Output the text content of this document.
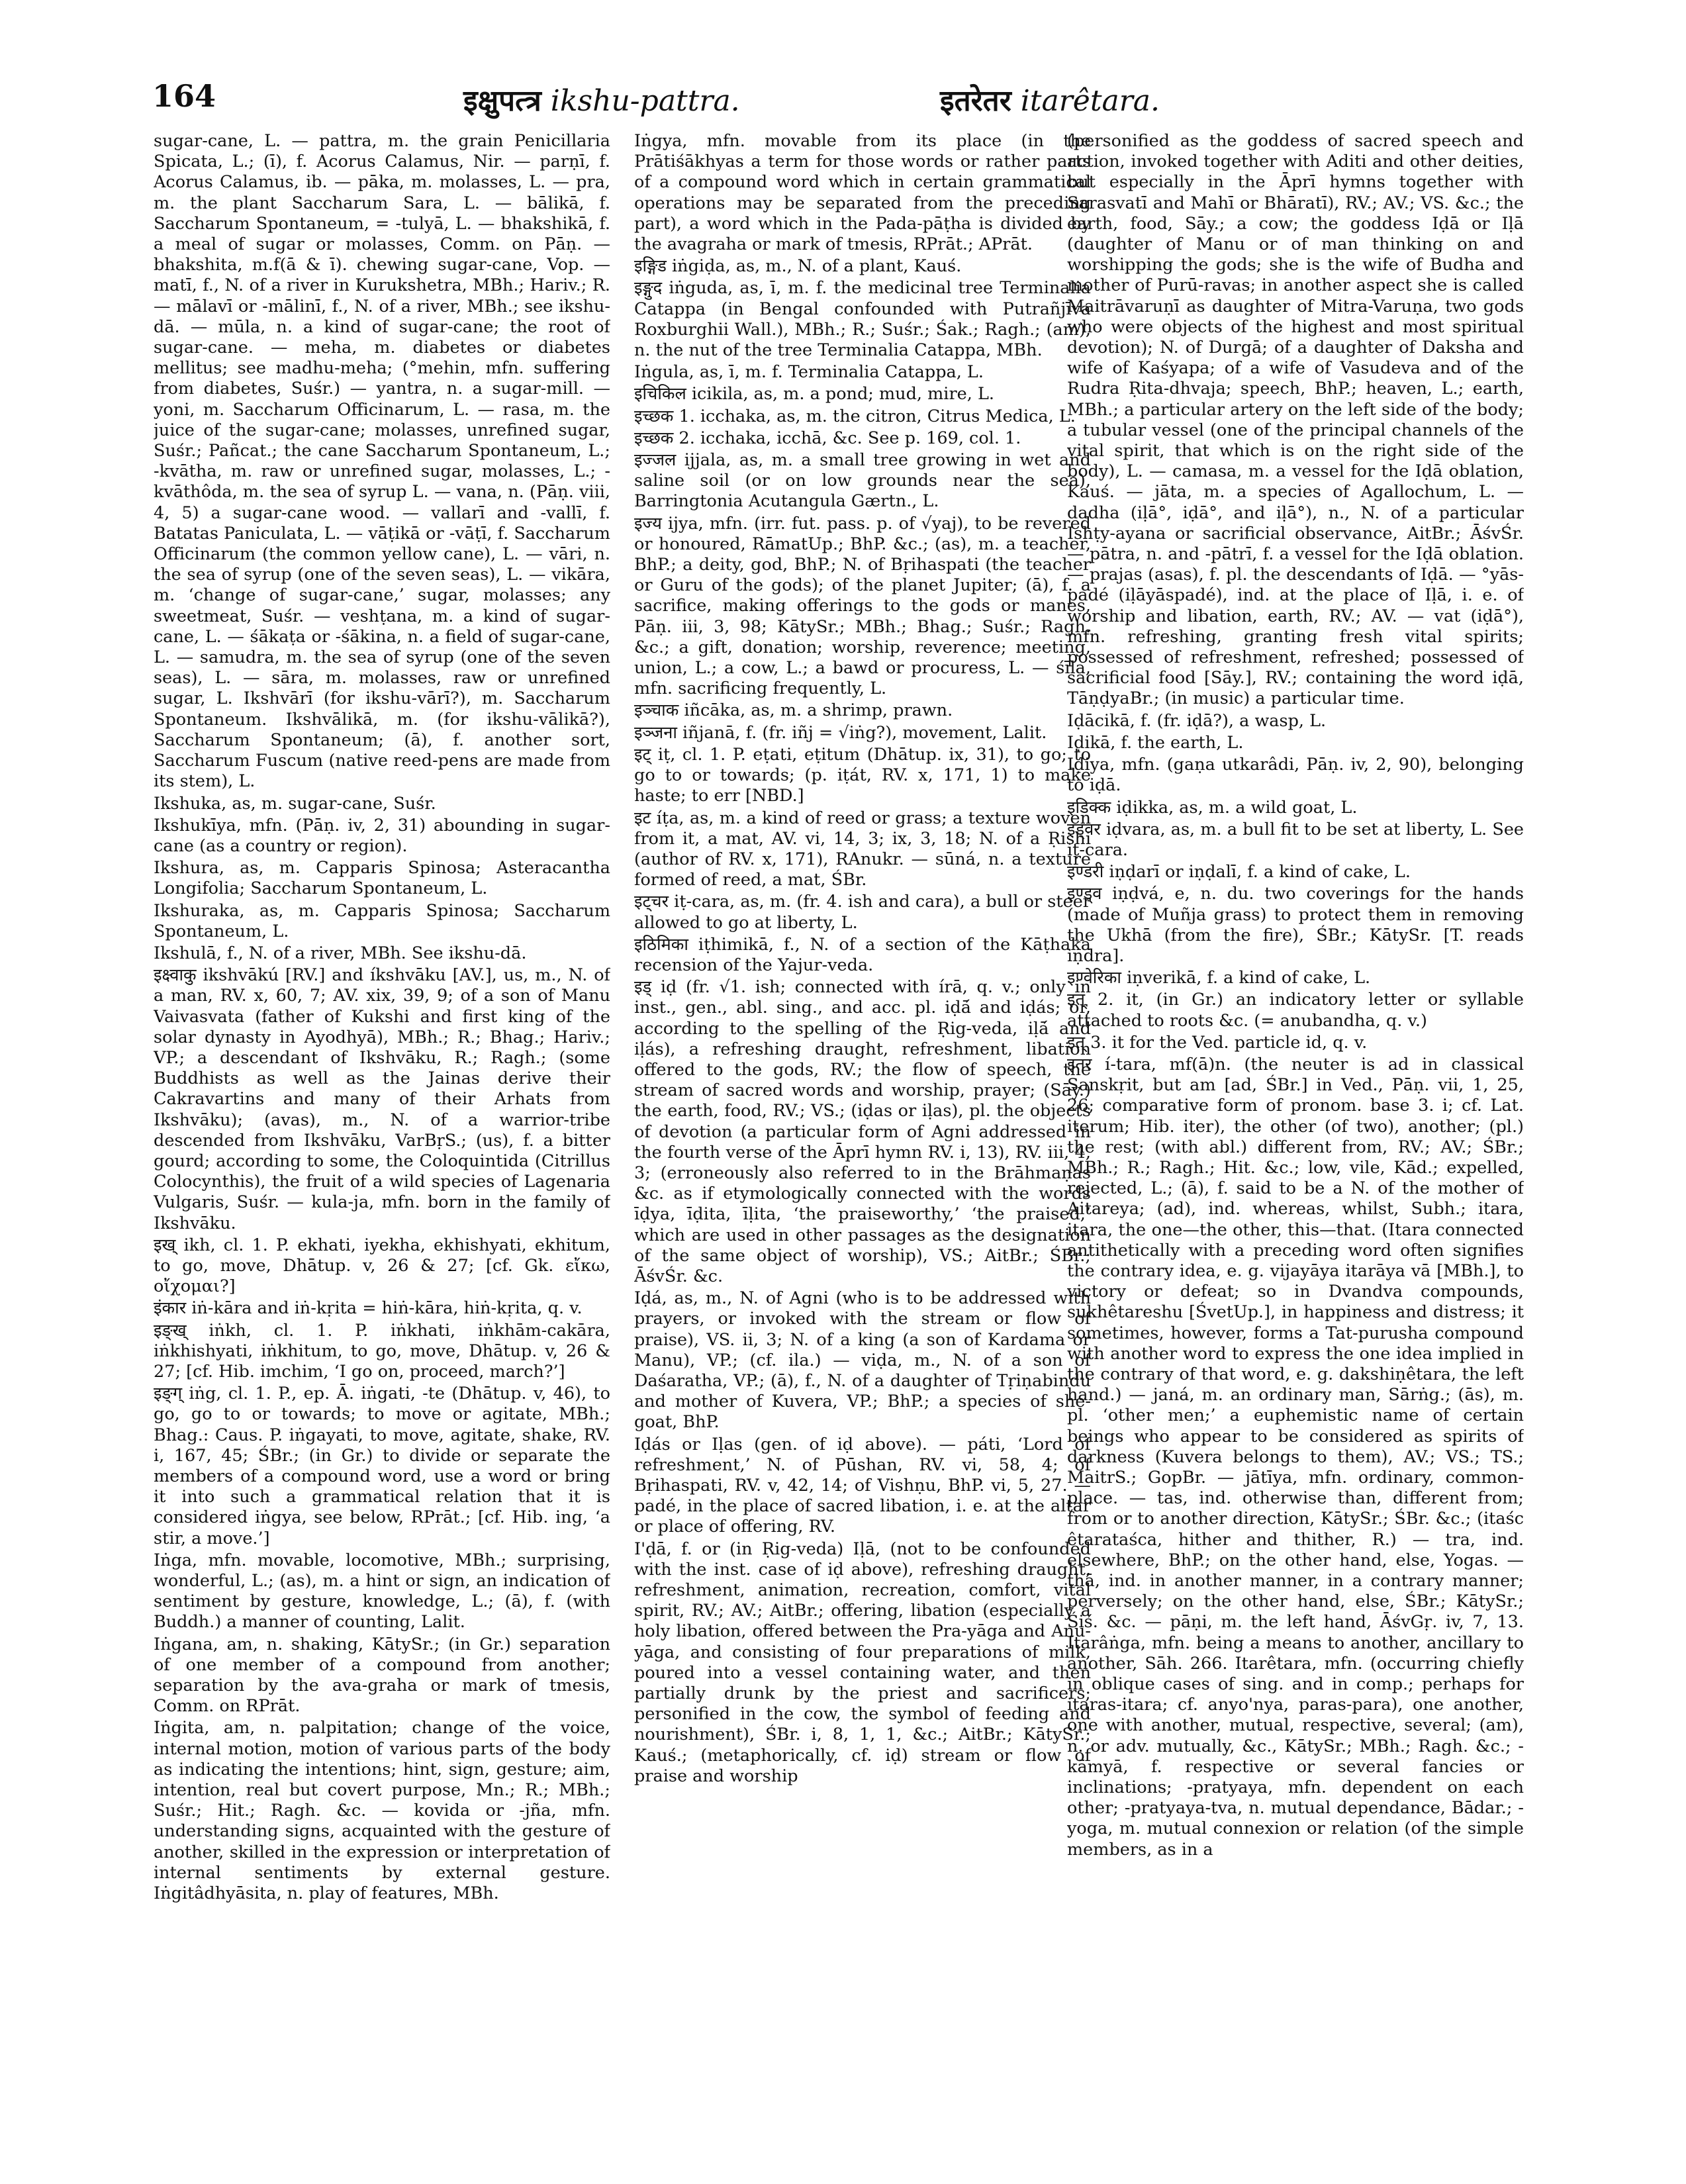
164	इक्षुपत्त्र ikshu-pattra.	इतरेतर itarêtara.

sugar-cane, L. — pattra, m. the grain Penicillaria Spicata, L.; (ī), f. Acorus Calamus, Nir. — parṇī, f. Acorus Calamus, ib. — pāka, m. molasses, L. — pra, m. the plant Saccharum Sara, L. — bālikā, f. Saccharum Spontaneum, = -tulyā, L. — bhakshikā, f. a meal of sugar or molasses, Comm. on Pāṇ. — bhakshita, m.f(ā & ī). chewing sugar-cane, Vop. — matī, f., N. of a river in Kurukshetra, MBh.; Hariv.; R. — mālavī or -mālinī, f., N. of a river, MBh.; see ikshu-dā. — mūla, n. a kind of sugar-cane; the root of sugar-cane. — meha, m. diabetes or diabetes mellitus; see madhu-meha; (°mehin, mfn. suffering from diabetes, Suśr.) — yantra, n. a sugar-mill. — yoni, m. Saccharum Officinarum, L. — rasa, m. the juice of the sugar-cane; molasses, unrefined sugar, Suśr.; Pañcat.; the cane Saccharum Spontaneum, L.; -kvātha, m. raw or unrefined sugar, molasses, L.; -kvāthôda, m. the sea of syrup L. — vana, n. (Pāṇ. viii, 4, 5) a sugar-cane wood. — vallarī and -vallī, f. Batatas Paniculata, L. — vāṭikā or -vāṭī, f. Saccharum Officinarum (the common yellow cane), L. — vāri, n. the sea of syrup (one of the seven seas), L. — vikāra, m. ‘change of sugar-cane,’ sugar, molasses; any sweetmeat, Suśr. — veshṭana, m. a kind of sugar-cane, L. — śākaṭa or -śākina, n. a field of sugar-cane, L. — samudra, m. the sea of syrup (one of the seven seas), L. — sāra, m. molasses, raw or unrefined sugar, L. Ikshvārī (for ikshu-vārī?), m. Saccharum Spontaneum. Ikshvālikā, m. (for ikshu-vālikā?), Saccharum Spontaneum; (ā), f. another sort, Saccharum Fuscum (native reed-pens are made from its stem), L.

Ikshuka, as, m. sugar-cane, Suśr.

Ikshukīya, mfn. (Pāṇ. iv, 2, 31) abounding in sugar-cane (as a country or region).

Ikshura, as, m. Capparis Spinosa; Asteracantha Longifolia; Saccharum Spontaneum, L.

Ikshuraka, as, m. Capparis Spinosa; Saccharum Spontaneum, L.

Ikshulā, f., N. of a river, MBh. See ikshu-dā.

इक्ष्वाकु ikshvākú [RV.] and íkshvāku [AV.], us, m., N. of a man, RV. x, 60, 7; AV. xix, 39, 9; of a son of Manu Vaivasvata (father of Kukshi and first king of the solar dynasty in Ayodhyā), MBh.; R.; Bhag.; Hariv.; VP.; a descendant of Ikshvāku, R.; Ragh.; (some Buddhists as well as the Jainas derive their Cakravartins and many of their Arhats from Ikshvāku); (avas), m., N. of a warrior-tribe descended from Ikshvāku, VarBṛS.; (us), f. a bitter gourd; according to some, the Coloquintida (Citrillus Colocynthis), the fruit of a wild species of Lagenaria Vulgaris, Suśr. — kula-ja, mfn. born in the family of Ikshvāku.

इख् ikh, cl. 1. P. ekhati, iyekha, ekhishyati, ekhitum, to go, move, Dhātup. v, 26 & 27; [cf. Gk. εἴκω, οἴχομαι?]

इंकार iṅ-kāra and iṅ-kṛita = hiṅ-kāra, hiṅ-kṛita, q. v.

इङ्ख् iṅkh, cl. 1. P. iṅkhati, iṅkhām-cakāra, iṅkhishyati, iṅkhitum, to go, move, Dhātup. v, 26 & 27; [cf. Hib. imchim, ‘I go on, proceed, march?’]

इङ्ग् iṅg, cl. 1. P., ep. Ā. iṅgati, -te (Dhātup. v, 46), to go, go to or towards; to move or agitate, MBh.; Bhag.: Caus. P. iṅgayati, to move, agitate, shake, RV. i, 167, 45; ŚBr.; (in Gr.) to divide or separate the members of a compound word, use a word or bring it into such a grammatical relation that it is considered iṅgya, see below, RPrāt.; [cf. Hib. ing, ‘a stir, a move.’]

Iṅga, mfn. movable, locomotive, MBh.; surprising, wonderful, L.; (as), m. a hint or sign, an indication of sentiment by gesture, knowledge, L.; (ā), f. (with Buddh.) a manner of counting, Lalit.

Iṅgana, am, n. shaking, KātySr.; (in Gr.) separation of one member of a compound from another; separation by the ava-graha or mark of tmesis, Comm. on RPrāt.

Iṅgita, am, n. palpitation; change of the voice, internal motion, motion of various parts of the body as indicating the intentions; hint, sign, gesture; aim, intention, real but covert purpose, Mn.; R.; MBh.; Suśr.; Hit.; Ragh. &c. — kovida or -jña, mfn. understanding signs, acquainted with the gesture of another, skilled in the expression or interpretation of internal sentiments by external gesture. Iṅgitâdhyāsita, n. play of features, MBh.

Iṅgya, mfn. movable from its place (in the Prātiśākhyas a term for those words or rather parts of a compound word which in certain grammatical operations may be separated from the preceding part), a word which in the Pada-pāṭha is divided by the avagraha or mark of tmesis, RPrāt.; APrāt.

इङ्गिड iṅgiḍa, as, m., N. of a plant, Kauś.

इङ्गुद iṅguda, as, ī, m. f. the medicinal tree Terminalia Catappa (in Bengal confounded with Putrañjīva Roxburghii Wall.), MBh.; R.; Suśr.; Śak.; Ragh.; (am), n. the nut of the tree Terminalia Catappa, MBh.

Iṅgula, as, ī, m. f. Terminalia Catappa, L.

इचिकिल icikila, as, m. a pond; mud, mire, L.

इच्छक 1. icchaka, as, m. the citron, Citrus Medica, L.

इच्छक 2. icchaka, icchā, &c. See p. 169, col. 1.

इज्जल ijjala, as, m. a small tree growing in wet and saline soil (or on low grounds near the sea), Barringtonia Acutangula Gærtn., L.

इज्य ijya, mfn. (irr. fut. pass. p. of √yaj), to be revered or honoured, RāmatUp.; BhP. &c.; (as), m. a teacher, BhP.; a deity, god, BhP.; N. of Bṛihaspati (the teacher or Guru of the gods); of the planet Jupiter; (ā), f. a sacrifice, making offerings to the gods or manes, Pāṇ. iii, 3, 98; KātySr.; MBh.; Bhag.; Suśr.; Ragh. &c.; a gift, donation; worship, reverence; meeting, union, L.; a cow, L.; a bawd or procuress, L. — śīla, mfn. sacrificing frequently, L.

इञ्चाक iñcāka, as, m. a shrimp, prawn.

इञ्जना iñjanā, f. (fr. iñj = √iṅg?), movement, Lalit.

इट् iṭ, cl. 1. P. eṭati, eṭitum (Dhātup. ix, 31), to go; to go to or towards; (p. iṭát, RV. x, 171, 1) to make haste; to err [NBD.]

इट íṭa, as, m. a kind of reed or grass; a texture woven from it, a mat, AV. vi, 14, 3; ix, 3, 18; N. of a Ṛishi (author of RV. x, 171), RAnukr. — sūná, n. a texture formed of reed, a mat, ŚBr.

इट्चर iṭ-cara, as, m. (fr. 4. ish and cara), a bull or steer allowed to go at liberty, L.

इठिमिका iṭhimikā, f., N. of a section of the Kāṭhaka recension of the Yajur-veda.

इड् iḍ (fr. √1. ish; connected with írā, q. v.; only in inst., gen., abl. sing., and acc. pl. iḍā́ and iḍás; or, according to the spelling of the Ṛig-veda, iḷā́ and iḷás), a refreshing draught, refreshment, libation offered to the gods, RV.; the flow of speech, the stream of sacred words and worship, prayer; (Sāy.) the earth, food, RV.; VS.; (iḍas or iḷas), pl. the objects of devotion (a particular form of Agni addressed in the fourth verse of the Āprī hymn RV. i, 13), RV. iii, 4, 3; (erroneously also referred to in the Brāhmaṇas &c. as if etymologically connected with the words īḍya, īḍita, īḷita, ‘the praiseworthy,’ ‘the praised,’ which are used in other passages as the designation of the same object of worship), VS.; AitBr.; ŚBr.; ĀśvŚr. &c.

Iḍá, as, m., N. of Agni (who is to be addressed with prayers, or invoked with the stream or flow of praise), VS. ii, 3; N. of a king (a son of Kardama or Manu), VP.; (cf. ila.) — viḍa, m., N. of a son of Daśaratha, VP.; (ā), f., N. of a daughter of Tṛiṇabindu and mother of Kuvera, VP.; BhP.; a species of she-goat, BhP.

Iḍás or Iḷas (gen. of iḍ above). — páti, ‘Lord of refreshment,’ N. of Pūshan, RV. vi, 58, 4; of Bṛihaspati, RV. v, 42, 14; of Vishṇu, BhP. vi, 5, 27. — padé, in the place of sacred libation, i. e. at the altar or place of offering, RV.

I'ḍā, f. or (in Ṛig-veda) Iḷā, (not to be confounded with the inst. case of iḍ above), refreshing draught, refreshment, animation, recreation, comfort, vital spirit, RV.; AV.; AitBr.; offering, libation (especially a holy libation, offered between the Pra-yāga and Anu-yāga, and consisting of four preparations of milk, poured into a vessel containing water, and then partially drunk by the priest and sacrificers; personified in the cow, the symbol of feeding and nourishment), ŚBr. i, 8, 1, 1, &c.; AitBr.; KātySr.; Kauś.; (metaphorically, cf. iḍ) stream or flow of praise and worship

(personified as the goddess of sacred speech and action, invoked together with Aditi and other deities, but especially in the Āprī hymns together with Sarasvatī and Mahī or Bhāratī), RV.; AV.; VS. &c.; the earth, food, Sāy.; a cow; the goddess Iḍā or Iḷā (daughter of Manu or of man thinking on and worshipping the gods; she is the wife of Budha and mother of Purū-ravas; in another aspect she is called Maitrāvaruṇī as daughter of Mitra-Varuṇa, two gods who were objects of the highest and most spiritual devotion); N. of Durgā; of a daughter of Daksha and wife of Kaśyapa; of a wife of Vasudeva and of the Rudra Ṛita-dhvaja; speech, BhP.; heaven, L.; earth, MBh.; a particular artery on the left side of the body; a tubular vessel (one of the principal channels of the vital spirit, that which is on the right side of the body), L. — camasa, m. a vessel for the Iḍā oblation, Kauś. — jāta, m. a species of Agallochum, L. — dadha (iḷā°, iḍā°, and iḷā°), n., N. of a particular Ishṭy-ayana or sacrificial observance, AitBr.; ĀśvŚr. — pātra, n. and -pātrī, f. a vessel for the Iḍā oblation. — prajas (asas), f. pl. the descendants of Iḍā. — °yās-padé (iḷāyāspadé), ind. at the place of Iḷā, i. e. of worship and libation, earth, RV.; AV. — vat (iḍā°), mfn. refreshing, granting fresh vital spirits; possessed of refreshment, refreshed; possessed of sacrificial food [Sāy.], RV.; containing the word iḍā, TāṇḍyaBr.; (in music) a particular time.

Iḍācikā, f. (fr. iḍā?), a wasp, L.

Iḍikā, f. the earth, L.

Iḍiya, mfn. (gaṇa utkarâdi, Pāṇ. iv, 2, 90), belonging to iḍā.

इडिक्क iḍikka, as, m. a wild goat, L.

इड्वर iḍvara, as, m. a bull fit to be set at liberty, L. See iṭ-cara.

इण्डरी iṇḍarī or iṇḍalī, f. a kind of cake, L.

इण्ड्व iṇḍvá, e, n. du. two coverings for the hands (made of Muñja grass) to protect them in removing the Ukhā (from the fire), ŚBr.; KātySr. [T. reads iṇdra].

इण्वेरिका iṇverikā, f. a kind of cake, L.

इत् 2. it, (in Gr.) an indicatory letter or syllable attached to roots &c. (= anubandha, q. v.)

इत् 3. it for the Ved. particle id, q. v.

इतर í-tara, mf(ā)n. (the neuter is ad in classical Sanskṛit, but am [ad, ŚBr.] in Ved., Pāṇ. vii, 1, 25, 26; comparative form of pronom. base 3. i; cf. Lat. iterum; Hib. iter), the other (of two), another; (pl.) the rest; (with abl.) different from, RV.; AV.; ŚBr.; MBh.; R.; Ragh.; Hit. &c.; low, vile, Kād.; expelled, rejected, L.; (ā), f. said to be a N. of the mother of Aitareya; (ad), ind. whereas, whilst, Subh.; itara, itara, the one—the other, this—that. (Itara connected antithetically with a preceding word often signifies the contrary idea, e. g. vijayāya itarāya vā [MBh.], to victory or defeat; so in Dvandva compounds, sukhêtareshu [ŚvetUp.], in happiness and distress; it sometimes, however, forms a Tat-purusha compound with another word to express the one idea implied in the contrary of that word, e. g. dakshiṇêtara, the left hand.) — janá, m. an ordinary man, Sārṅg.; (ās), m. pl. ‘other men;’ a euphemistic name of certain beings who appear to be considered as spirits of darkness (Kuvera belongs to them), AV.; VS.; TS.; MaitrS.; GopBr. — jātīya, mfn. ordinary, common-place. — tas, ind. otherwise than, different from; from or to another direction, KātySr.; ŚBr. &c.; (itaśc êtarataśca, hither and thither, R.) — tra, ind. elsewhere, BhP.; on the other hand, else, Yogas. — thā, ind. in another manner, in a contrary manner; perversely; on the other hand, else, ŚBr.; KātySr.; Śiś. &c. — pāṇi, m. the left hand, ĀśvGṛ. iv, 7, 13. Itarâṅga, mfn. being a means to another, ancillary to another, Sāh. 266. Itarêtara, mfn. (occurring chiefly in oblique cases of sing. and in comp.; perhaps for itaras-itara; cf. anyo'nya, paras-para), one another, one with another, mutual, respective, several; (am), n. or adv. mutually, &c., KātySr.; MBh.; Ragh. &c.; -kāmyā, f. respective or several fancies or inclinations; -pratyaya, mfn. dependent on each other; -pratyaya-tva, n. mutual dependance, Bādar.; -yoga, m. mutual connexion or relation (of the simple members, as in a
